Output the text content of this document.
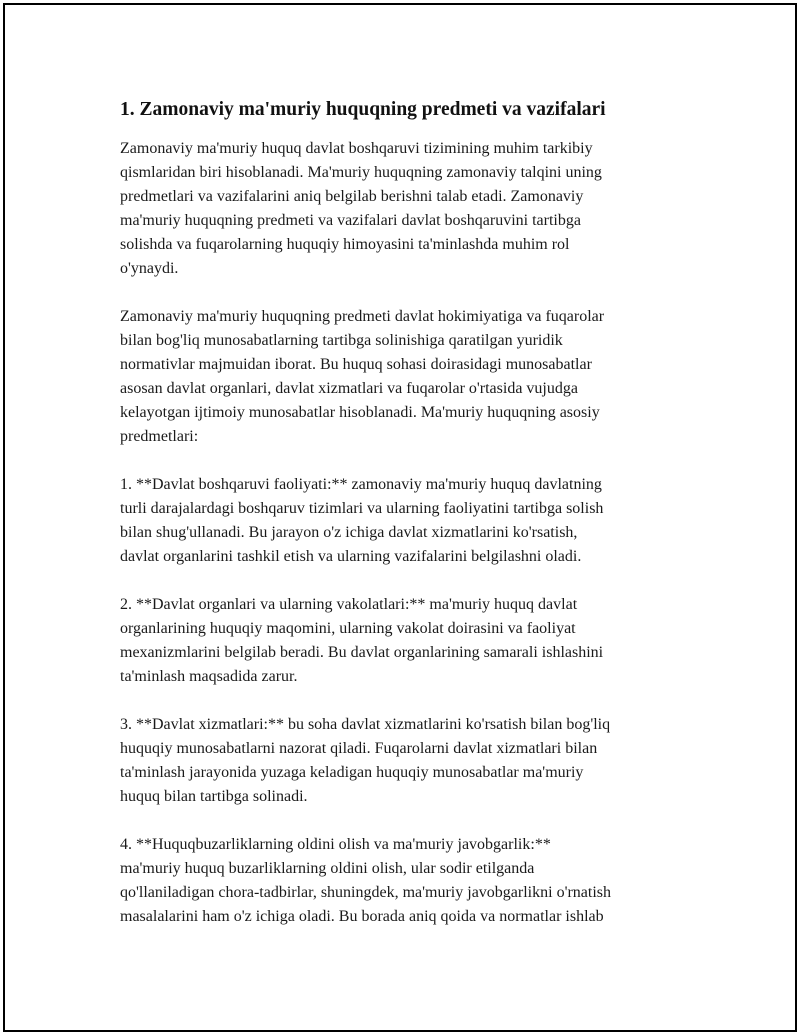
1. Zamonaviy ma'muriy huquqning predmeti va vazifalari

Zamonaviy ma'muriy huquq davlat boshqaruvi tizimining muhim tarkibiy
qismlaridan biri hisoblanadi. Ma'muriy huquqning zamonaviy talqini uning
predmetlari va vazifalarini aniq belgilab berishni talab etadi. Zamonaviy
ma'muriy huquqning predmeti va vazifalari davlat boshqaruvini tartibga
solishda va fuqarolarning huquqiy himoyasini ta'minlashda muhim rol
o'ynaydi.

Zamonaviy ma'muriy huquqning predmeti davlat hokimiyatiga va fuqarolar
bilan bog'liq munosabatlarning tartibga solinishiga qaratilgan yuridik
normativlar majmuidan iborat. Bu huquq sohasi doirasidagi munosabatlar
asosan davlat organlari, davlat xizmatlari va fuqarolar o'rtasida vujudga
kelayotgan ijtimoiy munosabatlar hisoblanadi. Ma'muriy huquqning asosiy
predmetlari:

1. **Davlat boshqaruvi faoliyati:** zamonaviy ma'muriy huquq davlatning
turli darajalardagi boshqaruv tizimlari va ularning faoliyatini tartibga solish
bilan shug'ullanadi. Bu jarayon o'z ichiga davlat xizmatlarini ko'rsatish,
davlat organlarini tashkil etish va ularning vazifalarini belgilashni oladi.

2. **Davlat organlari va ularning vakolatlari:** ma'muriy huquq davlat
organlarining huquqiy maqomini, ularning vakolat doirasini va faoliyat
mexanizmlarini belgilab beradi. Bu davlat organlarining samarali ishlashini
ta'minlash maqsadida zarur.

3. **Davlat xizmatlari:** bu soha davlat xizmatlarini ko'rsatish bilan bog'liq
huquqiy munosabatlarni nazorat qiladi. Fuqarolarni davlat xizmatlari bilan
ta'minlash jarayonida yuzaga keladigan huquqiy munosabatlar ma'muriy
huquq bilan tartibga solinadi.

4. **Huquqbuzarliklarning oldini olish va ma'muriy javobgarlik:**
ma'muriy huquq buzarliklarning oldini olish, ular sodir etilganda
qo'llaniladigan chora-tadbirlar, shuningdek, ma'muriy javobgarlikni o'rnatish
masalalarini ham o'z ichiga oladi. Bu borada aniq qoida va normatlar ishlab
